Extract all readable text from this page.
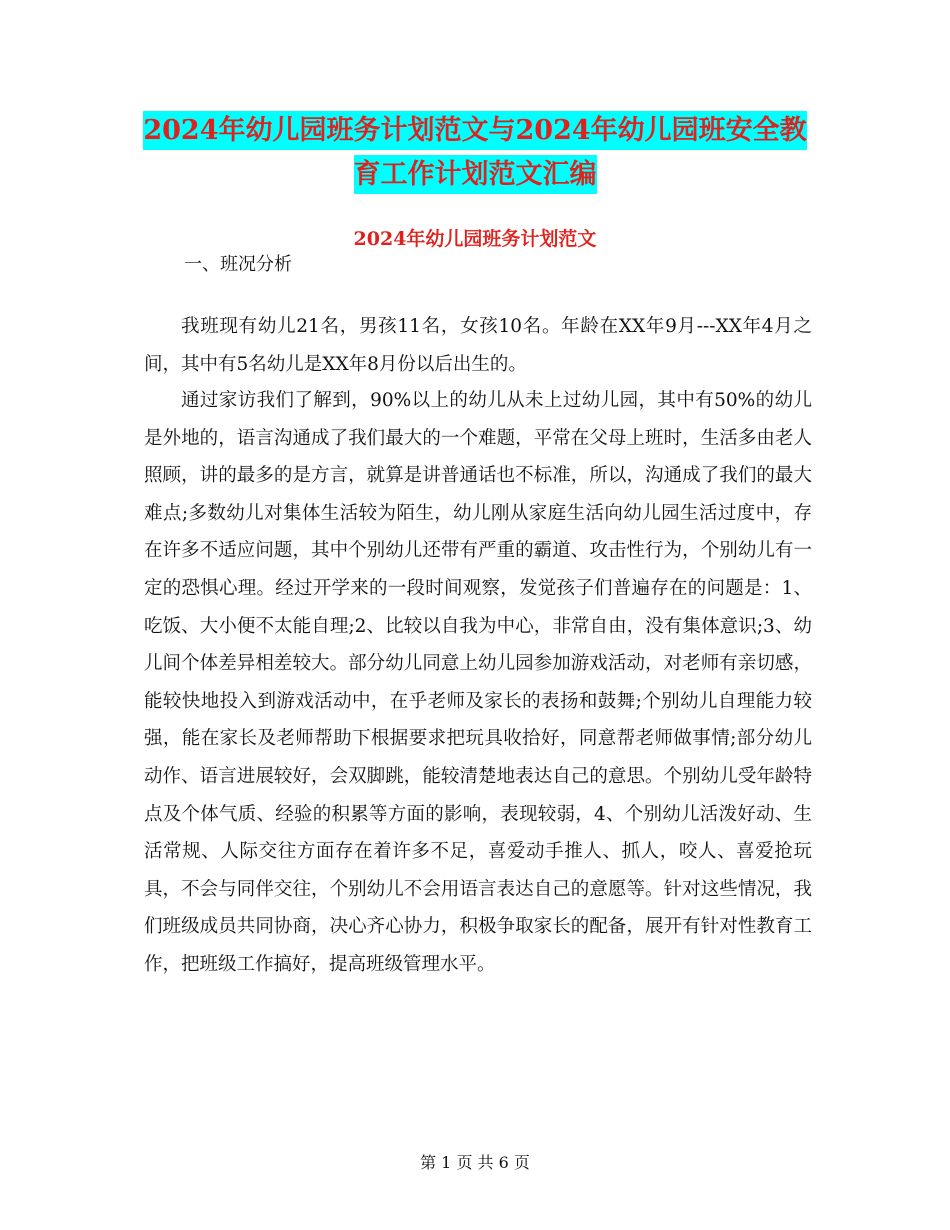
2024年幼儿园班务计划范文与2024年幼儿园班安全教
育工作计划范文汇编
2024年幼儿园班务计划范文
一、班况分析

我班现有幼儿21名，男孩11名，女孩10名。年龄在XX年9月---XX年4月之间，其中有5名幼儿是XX年8月份以后出生的。

通过家访我们了解到，90%以上的幼儿从未上过幼儿园，其中有50%的幼儿是外地的，语言沟通成了我们最大的一个难题，平常在父母上班时，生活多由老人照顾，讲的最多的是方言，就算是讲普通话也不标准，所以，沟通成了我们的最大难点;多数幼儿对集体生活较为陌生，幼儿刚从家庭生活向幼儿园生活过度中，存在许多不适应问题，其中个别幼儿还带有严重的霸道、攻击性行为，个别幼儿有一定的恐惧心理。经过开学来的一段时间观察，发觉孩子们普遍存在的问题是：1、吃饭、大小便不太能自理;2、比较以自我为中心，非常自由，没有集体意识;3、幼儿间个体差异相差较大。部分幼儿同意上幼儿园参加游戏活动，对老师有亲切感，能较快地投入到游戏活动中，在乎老师及家长的表扬和鼓舞;个别幼儿自理能力较强，能在家长及老师帮助下根据要求把玩具收拾好，同意帮老师做事情;部分幼儿动作、语言进展较好，会双脚跳，能较清楚地表达自己的意思。个别幼儿受年龄特点及个体气质、经验的积累等方面的影响，表现较弱，4、个别幼儿活泼好动、生活常规、人际交往方面存在着许多不足，喜爱动手推人、抓人，咬人、喜爱抢玩具，不会与同伴交往，个别幼儿不会用语言表达自己的意愿等。针对这些情况，我们班级成员共同协商，决心齐心协力，积极争取家长的配备，展开有针对性教育工作，把班级工作搞好，提高班级管理水平。

第 1 页 共 6 页
